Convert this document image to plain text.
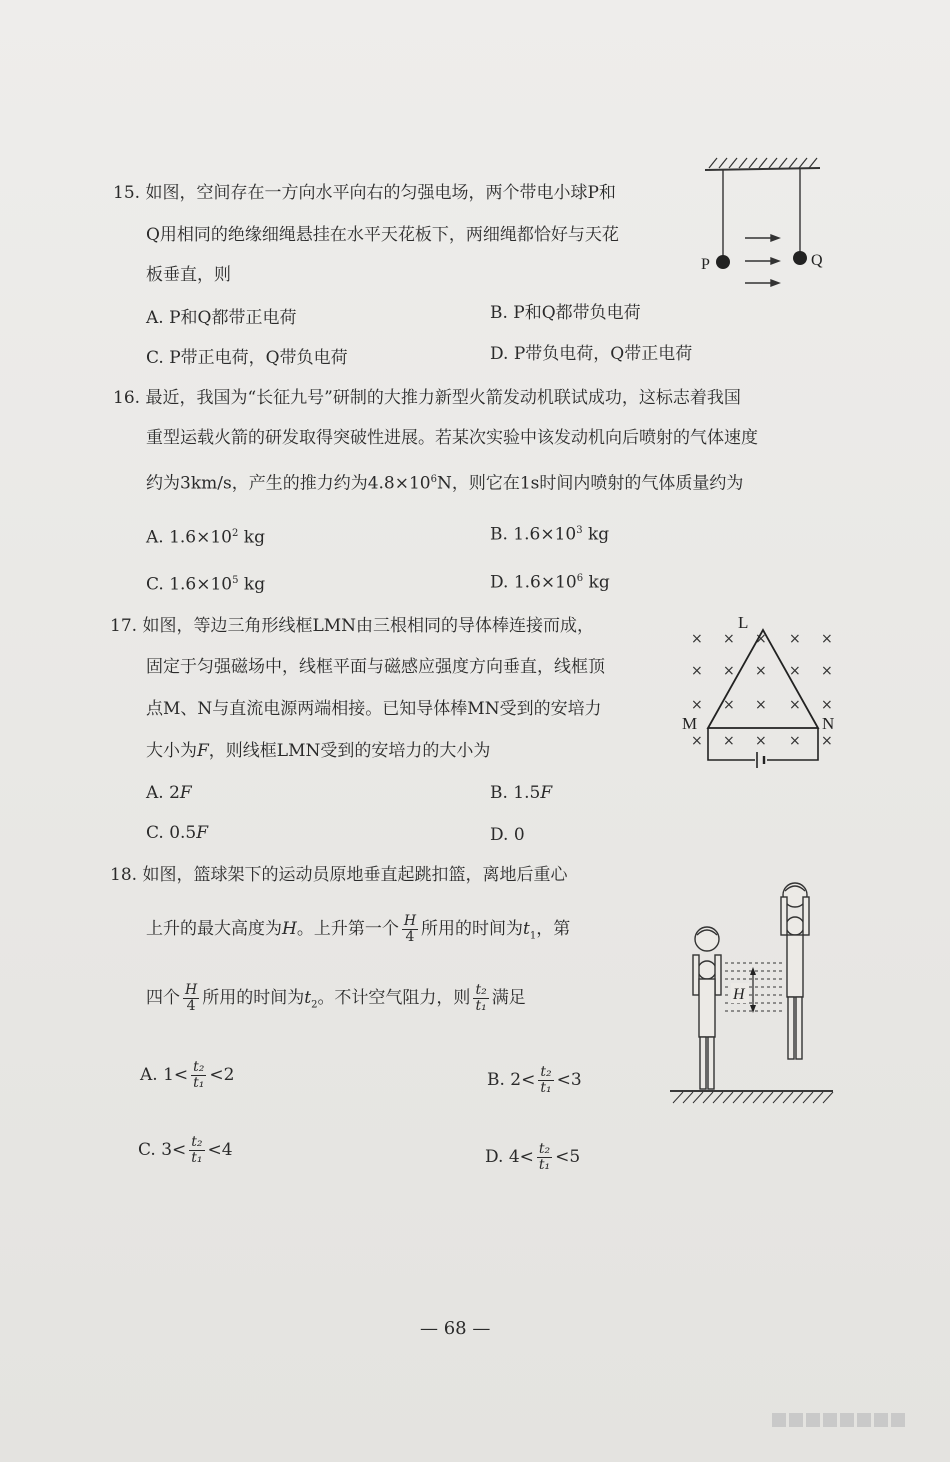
15. 如图，空间存在一方向水平向右的匀强电场，两个带电小球P和
Q用相同的绝缘细绳悬挂在水平天花板下，两细绳都恰好与天花
板垂直，则
A. P和Q都带正电荷	B. P和Q都带负电荷
C. P带正电荷，Q带负电荷	D. P带负电荷，Q带正电荷
P	Q
16. 最近，我国为“长征九号”研制的大推力新型火箭发动机联试成功，这标志着我国
重型运载火箭的研发取得突破性进展。若某次实验中该发动机向后喷射的气体速度
约为3km/s，产生的推力约为$4.8\times 10^6N$，则它在1s时间内喷射的气体质量约为
A. $1.6\times 10^2$ kg	B. $1.6\times 10^3$ kg
C. $1.6\times 10^5$ kg	D. $1.6\times 10^6$ kg
17. 如图，等边三角形线框LMN由三根相同的导体棒连接而成，
固定于匀强磁场中，线框平面与磁感应强度方向垂直，线框顶
点M、N与直流电源两端相接。已知导体棒MN受到的安培力
大小为F，则线框LMN受到的安培力的大小为
A. 2F	B. 1.5F
C. 0.5F	D. 0
× × × × ×
× × × × ×
× × × × ×
× × × × ×
L
M	N
18. 如图，篮球架下的运动员原地垂直起跳扣篮，离地后重心
上升的最大高度为H。上升第一个 $\frac{H}{4}$ 所用的时间为$t_1$，第
四个 $\frac{H}{4}$ 所用的时间为$t_2$。不计空气阻力，则 $\frac{\text{t₂}}{\text{t₁}}$ 满足
A. $1< \frac{\text{t₂}}{\text{t₁}} <2$	B. $2< \frac{\text{t₂}}{\text{t₁}} <3$
C. $3< \frac{\text{t₂}}{\text{t₁}} <4$	D. $4< \frac{\text{t₂}}{\text{t₁}} <5$
H
— 68 —
